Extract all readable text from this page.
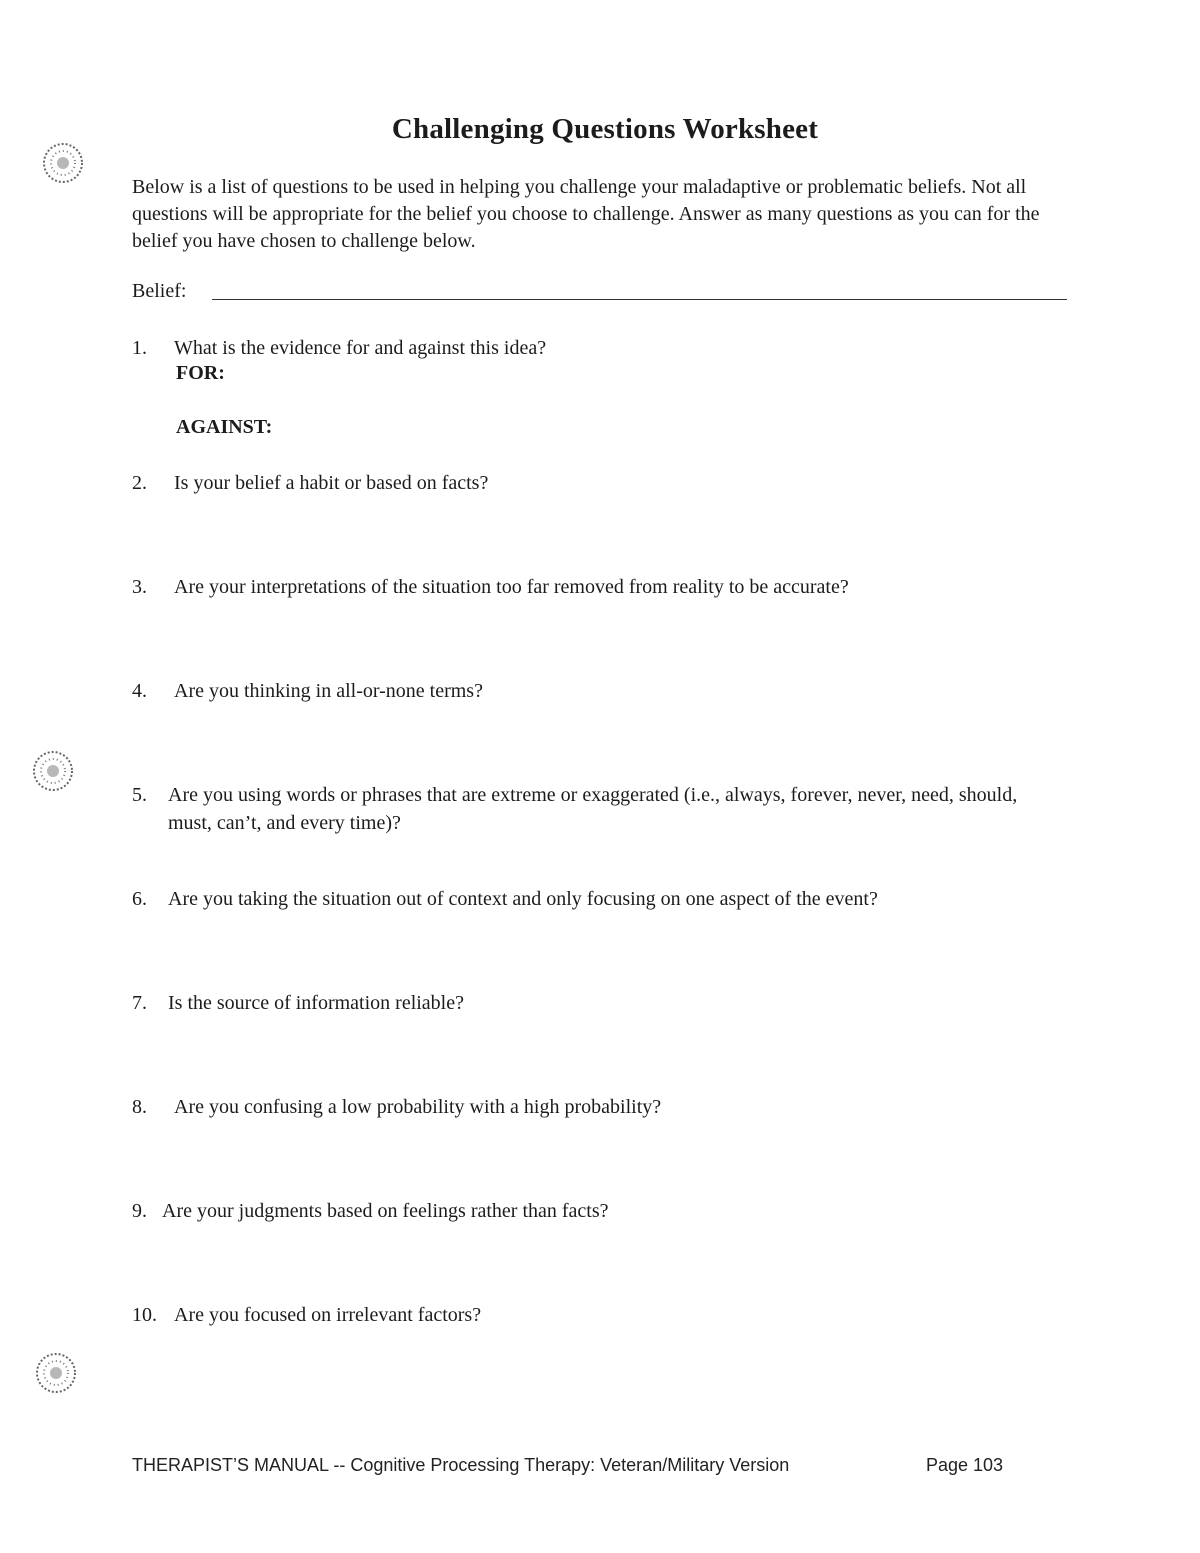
Challenging Questions Worksheet
Below is a list of questions to be used in helping you challenge your maladaptive or problematic beliefs. Not all questions will be appropriate for the belief you choose to challenge. Answer as many questions as you can for the belief you have chosen to challenge below.
Belief:
1. What is the evidence for and against this idea?
FOR:
AGAINST:
2. Is your belief a habit or based on facts?
3. Are your interpretations of the situation too far removed from reality to be accurate?
4. Are you thinking in all-or-none terms?
5. Are you using words or phrases that are extreme or exaggerated (i.e., always, forever, never, need, should, must, can’t, and every time)?
6. Are you taking the situation out of context and only focusing on one aspect of the event?
7. Is the source of information reliable?
8. Are you confusing a low probability with a high probability?
9. Are your judgments based on feelings rather than facts?
10. Are you focused on irrelevant factors?
THERAPIST’S MANUAL -- Cognitive Processing Therapy: Veteran/Military Version	Page 103
